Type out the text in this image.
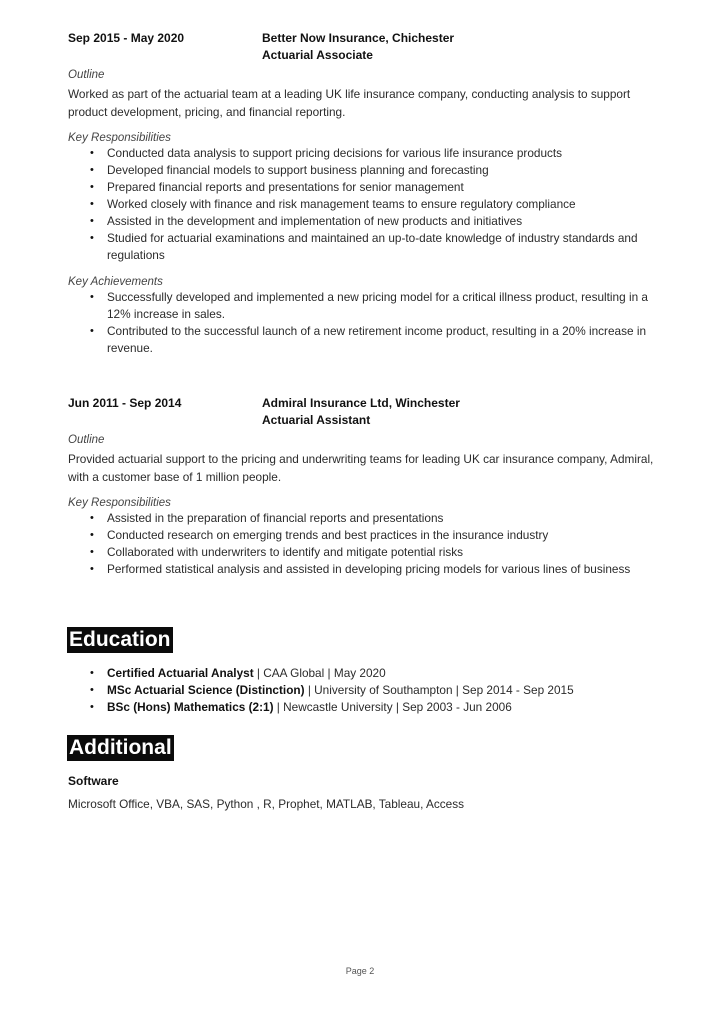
Sep 2015 - May 2020	Better Now Insurance, Chichester
Actuarial Associate

Outline

Worked as part of the actuarial team at a leading UK life insurance company, conducting analysis to support product development, pricing, and financial reporting.

Key Responsibilities

• Conducted data analysis to support pricing decisions for various life insurance products
• Developed financial models to support business planning and forecasting
• Prepared financial reports and presentations for senior management
• Worked closely with finance and risk management teams to ensure regulatory compliance
• Assisted in the development and implementation of new products and initiatives
• Studied for actuarial examinations and maintained an up-to-date knowledge of industry standards and regulations

Key Achievements

• Successfully developed and implemented a new pricing model for a critical illness product, resulting in a 12% increase in sales.
• Contributed to the successful launch of a new retirement income product, resulting in a 20% increase in revenue.
Jun 2011 - Sep 2014	Admiral Insurance Ltd, Winchester
Actuarial Assistant

Outline

Provided actuarial support to the pricing and underwriting teams for leading UK car insurance company, Admiral, with a customer base of 1 million people.

Key Responsibilities

• Assisted in the preparation of financial reports and presentations
• Conducted research on emerging trends and best practices in the insurance industry
• Collaborated with underwriters to identify and mitigate potential risks
• Performed statistical analysis and assisted in developing pricing models for various lines of business
Education
• Certified Actuarial Analyst | CAA Global | May 2020
• MSc Actuarial Science (Distinction) | University of Southampton | Sep 2014 - Sep 2015
• BSc (Hons) Mathematics (2:1) | Newcastle University | Sep 2003 - Jun 2006
Additional
Software
Microsoft Office, VBA, SAS, Python , R, Prophet, MATLAB, Tableau, Access
Page 2
